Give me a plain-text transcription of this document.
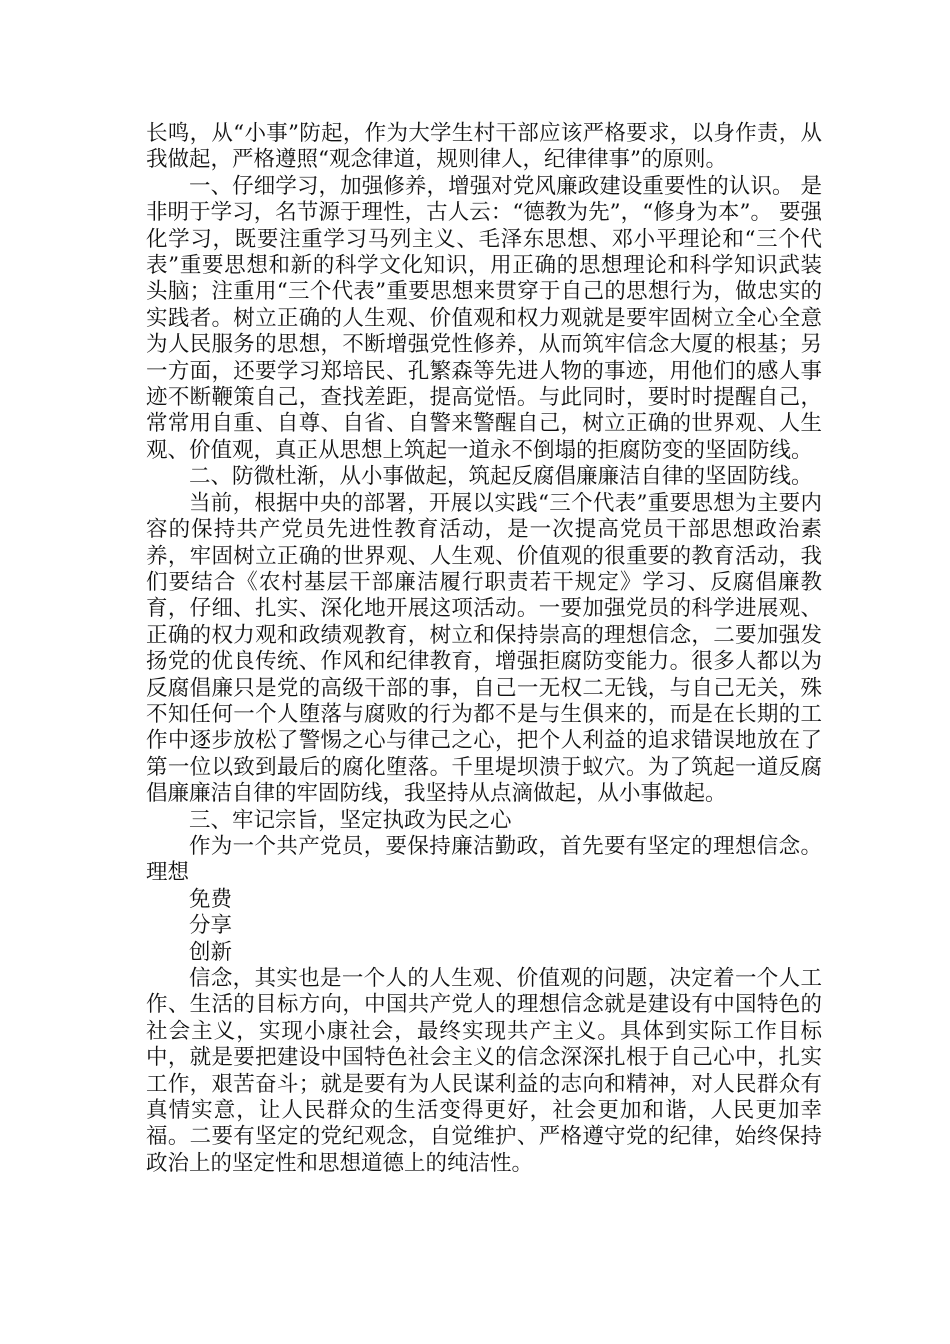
长鸣，从“小事”防起，作为大学生村干部应该严格要求，以身作责，从我做起，严格遵照“观念律道，规则律人，纪律律事”的原则。

一、仔细学习，加强修养，增强对党风廉政建设重要性的认识。 是非明于学习，名节源于理性，古人云：“德教为先”，“修身为本”。 要强化学习，既要注重学习马列主义、毛泽东思想、邓小平理论和“三个代表”重要思想和新的科学文化知识，用正确的思想理论和科学知识武装头脑；注重用“三个代表”重要思想来贯穿于自己的思想行为，做忠实的实践者。树立正确的人生观、价值观和权力观就是要牢固树立全心全意为人民服务的思想，不断增强党性修养，从而筑牢信念大厦的根基；另一方面，还要学习郑培民、孔繁森等先进人物的事迹，用他们的感人事迹不断鞭策自己，查找差距，提高觉悟。与此同时，要时时提醒自己，常常用自重、自尊、自省、自警来警醒自己，树立正确的世界观、人生观、价值观，真正从思想上筑起一道永不倒塌的拒腐防变的坚固防线。

二、防微杜渐，从小事做起，筑起反腐倡廉廉洁自律的坚固防线。

当前，根据中央的部署，开展以实践“三个代表”重要思想为主要内容的保持共产党员先进性教育活动，是一次提高党员干部思想政治素养，牢固树立正确的世界观、人生观、价值观的很重要的教育活动，我们要结合《农村基层干部廉洁履行职责若干规定》学习、反腐倡廉教育，仔细、扎实、深化地开展这项活动。一要加强党员的科学进展观、正确的权力观和政绩观教育，树立和保持崇高的理想信念，二要加强发扬党的优良传统、作风和纪律教育，增强拒腐防变能力。很多人都以为反腐倡廉只是党的高级干部的事，自己一无权二无钱，与自己无关，殊不知任何一个人堕落与腐败的行为都不是与生俱来的，而是在长期的工作中逐步放松了警惕之心与律己之心，把个人利益的追求错误地放在了第一位以致到最后的腐化堕落。千里堤坝溃于蚁穴。为了筑起一道反腐倡廉廉洁自律的牢固防线，我坚持从点滴做起，从小事做起。

三、牢记宗旨，坚定执政为民之心

作为一个共产党员，要保持廉洁勤政，首先要有坚定的理想信念。理想

免费

分享

创新

信念，其实也是一个人的人生观、价值观的问题，决定着一个人工作、生活的目标方向，中国共产党人的理想信念就是建设有中国特色的社会主义，实现小康社会，最终实现共产主义。具体到实际工作目标中，就是要把建设中国特色社会主义的信念深深扎根于自己心中，扎实工作，艰苦奋斗；就是要有为人民谋利益的志向和精神，对人民群众有真情实意，让人民群众的生活变得更好，社会更加和谐，人民更加幸福。二要有坚定的党纪观念，自觉维护、严格遵守党的纪律，始终保持政治上的坚定性和思想道德上的纯洁性。
